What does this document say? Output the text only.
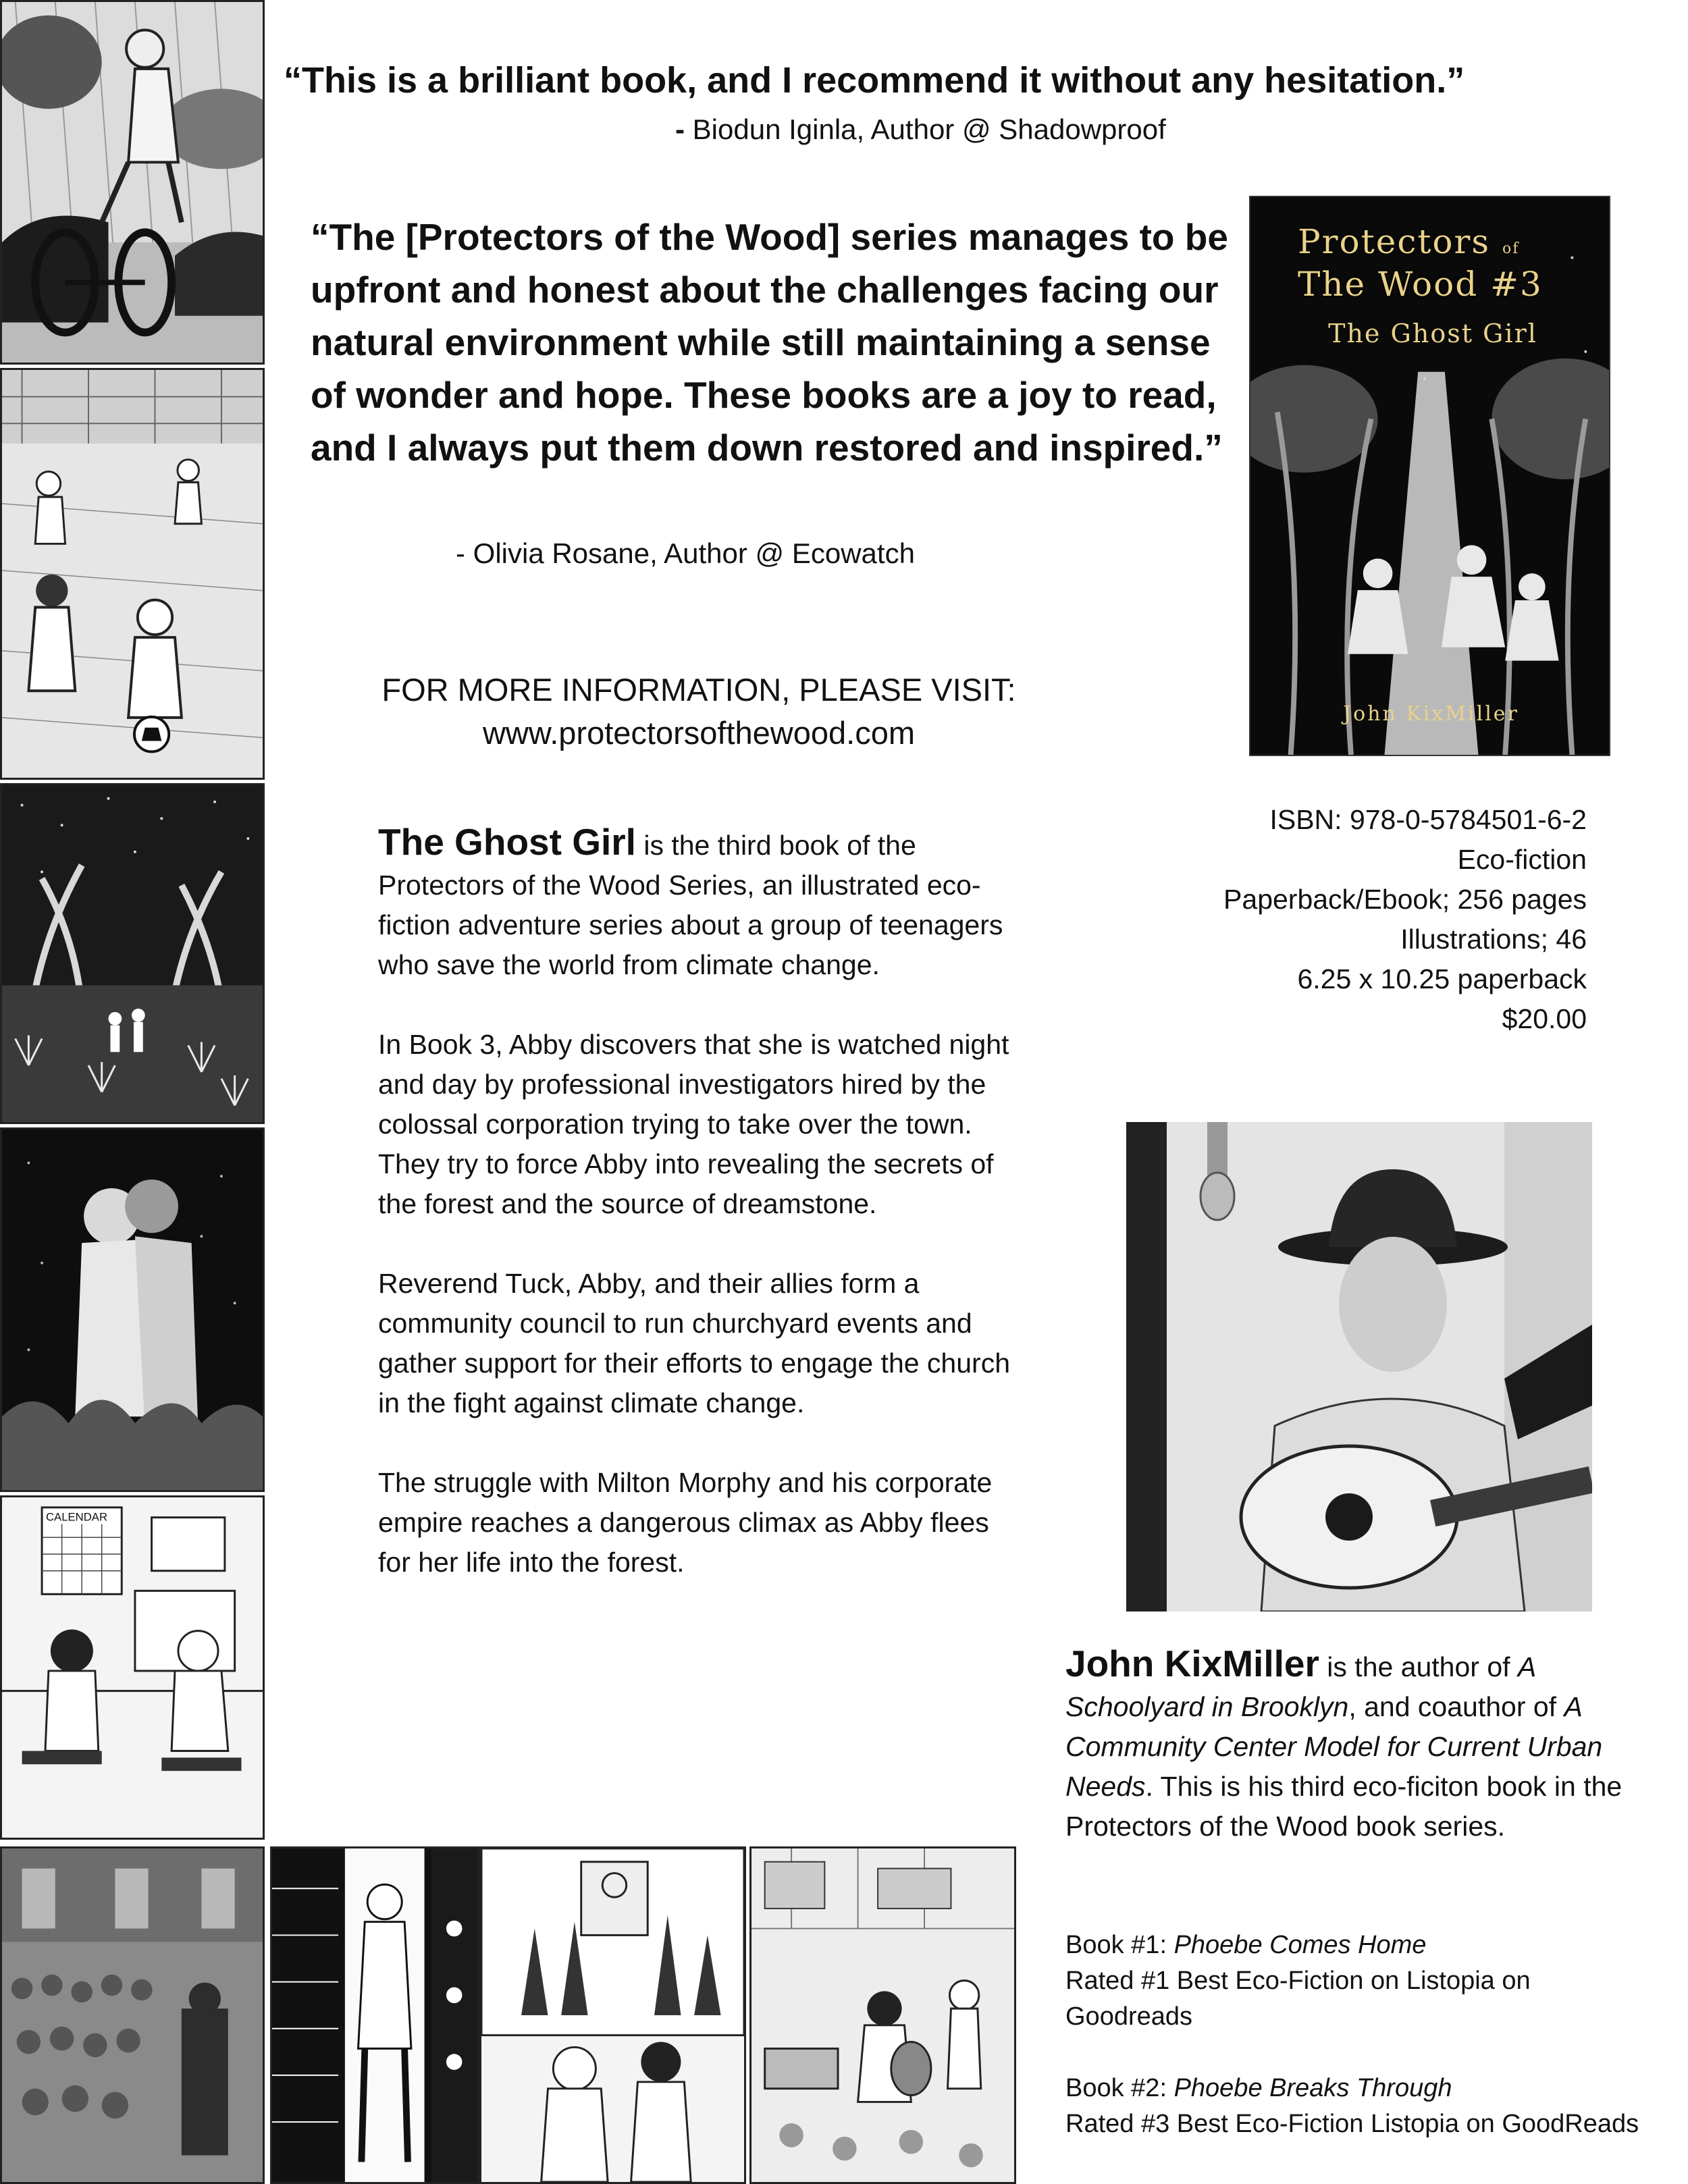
CALENDAR
“This is a brilliant book, and I recommend it without any hesitation.”
- Biodun Iginla, Author @ Shadowproof
“The [Protectors of the Wood] series manages to be upfront and honest about the challenges facing our natural environment while still maintaining a sense of wonder and hope. These books are a joy to read, and I always put them down restored and inspired.”
- Olivia Rosane, Author @ Ecowatch
Protectors of
The Wood #3
The Ghost Girl
John KixMiller
FOR MORE INFORMATION, PLEASE VISIT:
www.protectorsofthewood.com

The Ghost Girl is the third book of the Protectors of the Wood Series, an illustrated eco-fiction adventure series about a group of teenagers who save the world from climate change.

In Book 3, Abby discovers that she is watched night and day by professional investigators hired by the colossal corporation trying to take over the town. They try to force Abby into revealing the secrets of the forest and the source of dreamstone.

Reverend Tuck, Abby, and their allies form a community council to run churchyard events and gather support for their efforts to engage the church in the fight against climate change.

The struggle with Milton Morphy and his corporate empire reaches a dangerous climax as Abby flees for her life into the forest.

ISBN: 978-0-5784501-6-2
Eco-fiction
Paperback/Ebook; 256 pages
Illustrations; 46
6.25 x 10.25 paperback
$20.00
John KixMiller is the author of A Schoolyard in Brooklyn, and coauthor of A Community Center Model for Current Urban Needs. This is his third eco-ficiton book in the Protectors of the Wood book series.

Book #1: Phoebe Comes Home
Rated #1 Best Eco-Fiction on Listopia on Goodreads

Book #2: Phoebe Breaks Through
Rated #3 Best Eco-Fiction Listopia on GoodReads
